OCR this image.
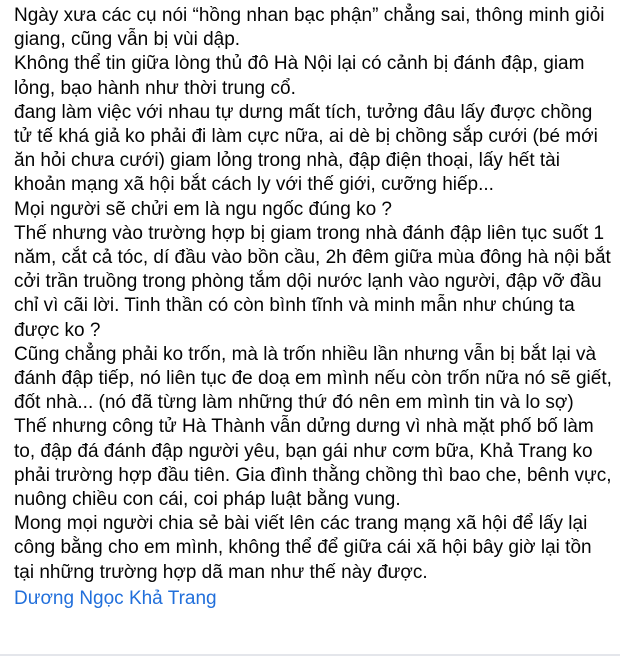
Ngày xưa các cụ nói “hồng nhan bạc phận” chẳng sai, thông minh giỏi giang, cũng vẫn bị vùi dập.

Không thể tin giữa lòng thủ đô Hà Nội lại có cảnh bị đánh đập, giam lỏng, bạo hành như thời trung cổ.

đang làm việc với nhau tự dưng mất tích, tưởng đâu lấy được chồng tử tế khá giả ko phải đi làm cực nữa, ai dè bị chồng sắp cưới (bé mới ăn hỏi chưa cưới) giam lỏng trong nhà, đập điện thoại, lấy hết tài khoản mạng xã hội bắt cách ly với thế giới, cưỡng hiếp...

Mọi người sẽ chửi em là ngu ngốc đúng ko ?

Thế nhưng vào trường hợp bị giam trong nhà đánh đập liên tục suốt 1 năm, cắt cả tóc, dí đầu vào bồn cầu, 2h đêm giữa mùa đông hà nội bắt cởi trần truồng trong phòng tắm dội nước lạnh vào người, đập vỡ đầu chỉ vì cãi lời. Tinh thần có còn bình tĩnh và minh mẫn như chúng ta được ko ?

Cũng chẳng phải ko trốn, mà là trốn nhiều lần nhưng vẫn bị bắt lại và đánh đập tiếp, nó liên tục đe doạ em mình nếu còn trốn nữa nó sẽ giết, đốt nhà... (nó đã từng làm những thứ đó nên em mình tin và lo sợ)

Thế nhưng công tử Hà Thành vẫn dửng dưng vì nhà mặt phố bố làm to, đập đá đánh đập người yêu, bạn gái như cơm bữa, Khả Trang ko phải trường hợp đầu tiên. Gia đình thằng chồng thì bao che, bênh vực, nuông chiều con cái, coi pháp luật bằng vung.

Mong mọi người chia sẻ bài viết lên các trang mạng xã hội để lấy lại công bằng cho em mình, không thể để giữa cái xã hội bây giờ lại tồn tại những trường hợp dã man như thế này được.

Dương Ngọc Khả Trang
